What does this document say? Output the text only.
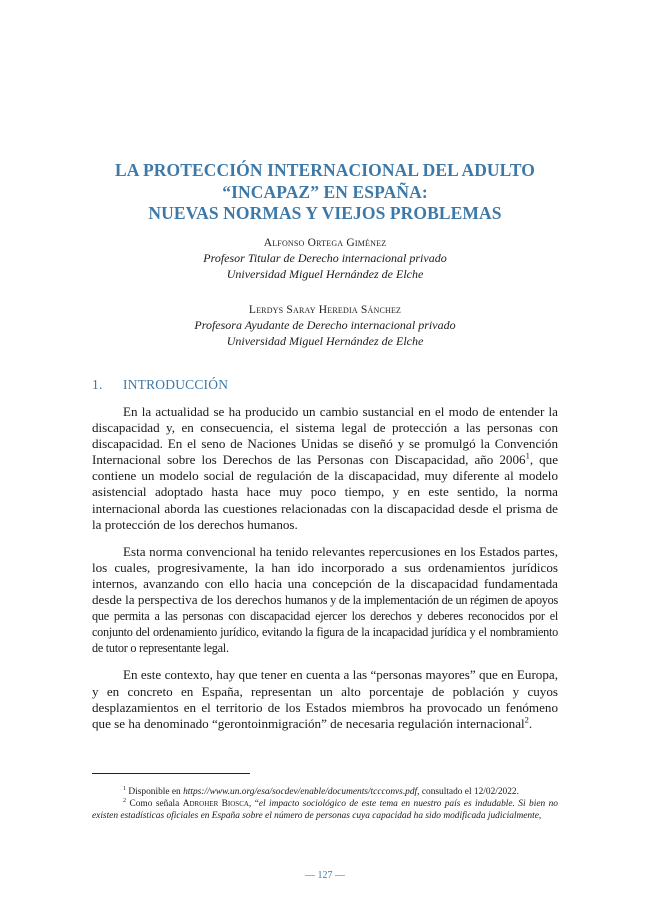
LA PROTECCIÓN INTERNACIONAL DEL ADULTO
“INCAPAZ” EN ESPAÑA:
NUEVAS NORMAS Y VIEJOS PROBLEMAS
Alfonso Ortega Giménez
Profesor Titular de Derecho internacional privado
Universidad Miguel Hernández de Elche
Lerdys Saray Heredia Sánchez
Profesora Ayudante de Derecho internacional privado
Universidad Miguel Hernández de Elche
1. INTRODUCCIÓN

En la actualidad se ha producido un cambio sustancial en el modo de entender la discapacidad y, en consecuencia, el sistema legal de protección a las personas con discapacidad. En el seno de Naciones Unidas se diseñó y se promulgó la Convención Internacional sobre los Derechos de las Personas con Discapacidad, año 2006$^1$, que contiene un modelo social de regulación de la discapacidad, muy diferente al modelo asistencial adoptado hasta hace muy poco tiempo, y en este sentido, la norma internacional aborda las cuestiones relacionadas con la discapacidad desde el prisma de la protección de los derechos humanos.

Esta norma convencional ha tenido relevantes repercusiones en los Estados partes, los cuales, progresivamente, la han ido incorporado a sus ordenamientos jurídicos internos, avanzando con ello hacia una concepción de la discapacidad fundamentada desde la perspectiva de los derechos humanos y de la implementación de un régimen de apoyos que permita a las personas con discapacidad ejercer los derechos y deberes reconocidos por el conjunto del ordenamiento jurídico, evitando la figura de la incapacidad jurídica y el nombramiento de tutor o representante legal.

En este contexto, hay que tener en cuenta a las “personas mayores” que en Europa, y en concreto en España, representan un alto porcentaje de población y cuyos desplazamientos en el territorio de los Estados miembros ha provocado un fenómeno que se ha denominado “gerontoinmigración” de necesaria regulación internacional$^2$.

$^1$ Disponible en https://www.un.org/esa/socdev/enable/documents/tccconvs.pdf, consultado el 12/02/2022.

$^2$ Como señala Adroher Biosca, “el impacto sociológico de este tema en nuestro país es indudable. Si bien no existen estadísticas oficiales en España sobre el número de personas cuya capacidad ha sido modificada judicialmente,

— 127 —
